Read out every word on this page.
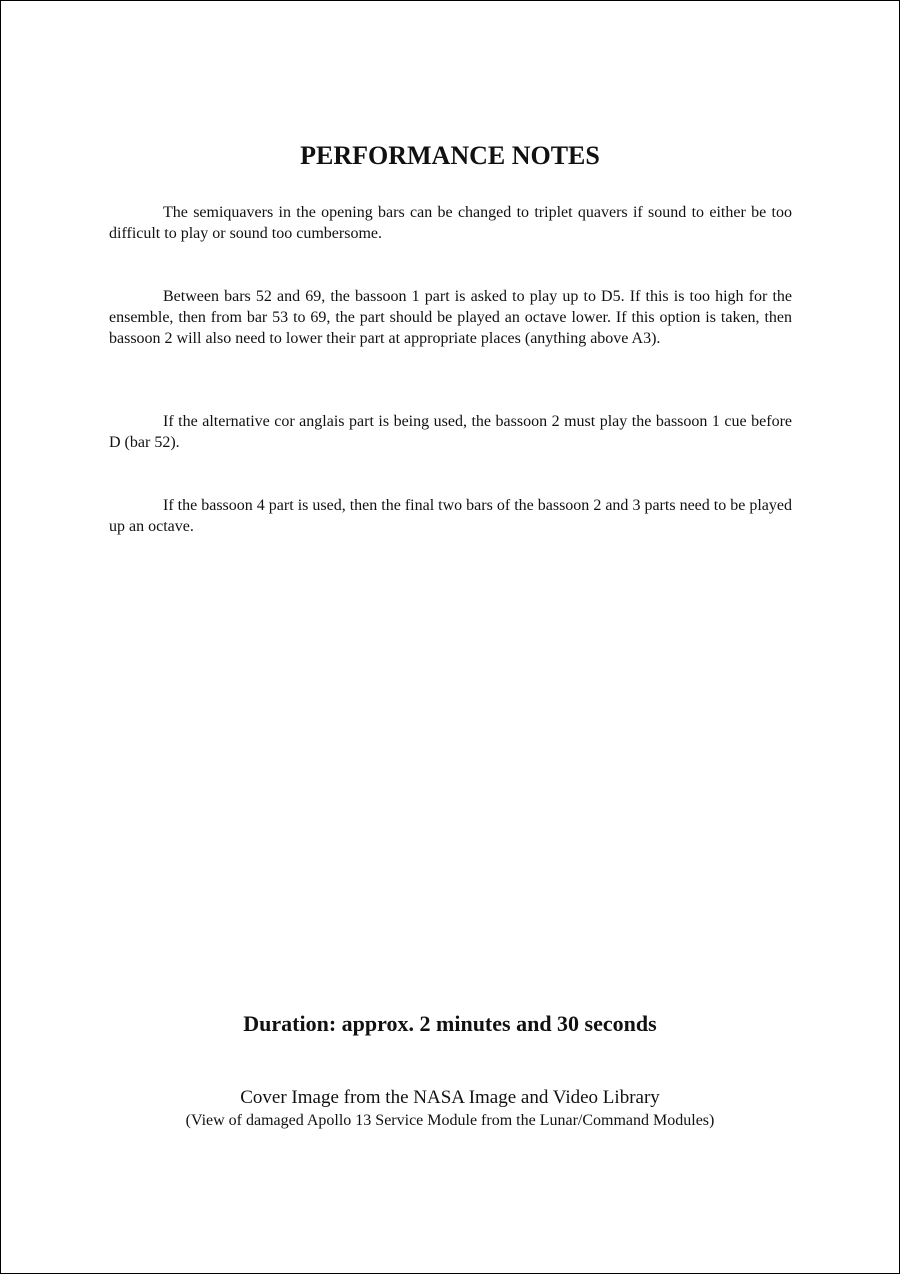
PERFORMANCE NOTES

The semiquavers in the opening bars can be changed to triplet quavers if sound to either be too difficult to play or sound too cumbersome.

Between bars 52 and 69, the bassoon 1 part is asked to play up to D5. If this is too high for the ensemble, then from bar 53 to 69, the part should be played an octave lower. If this option is taken, then bassoon 2 will also need to lower their part at appropriate places (anything above A3).

If the alternative cor anglais part is being used, the bassoon 2 must play the bassoon 1 cue before D (bar 52).

If the bassoon 4 part is used, then the final two bars of the bassoon 2 and 3 parts need to be played up an octave.

Duration: approx. 2 minutes and 30 seconds

Cover Image from the NASA Image and Video Library

(View of damaged Apollo 13 Service Module from the Lunar/Command Modules)
